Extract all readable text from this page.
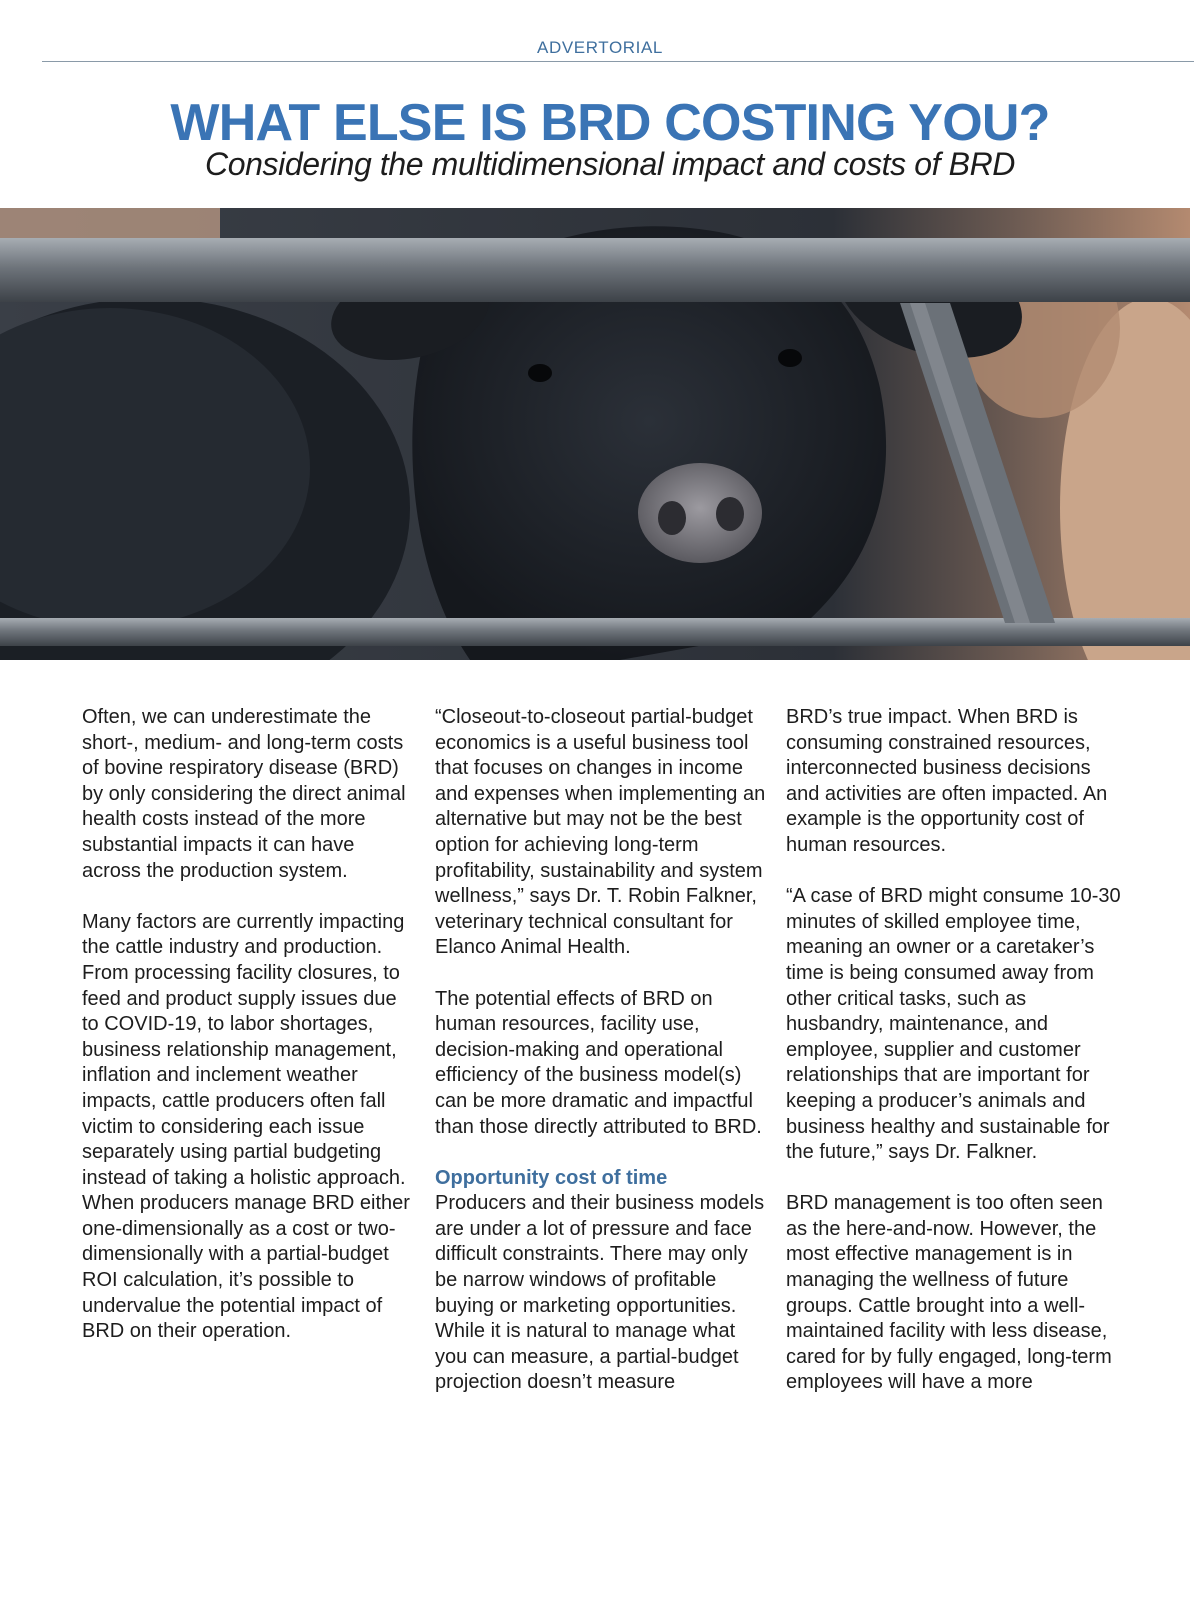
ADVERTORIAL
WHAT ELSE IS BRD COSTING YOU?
Considering the multidimensional impact and costs of BRD

Often, we can underestimate the short-, medium- and long-term costs of bovine respiratory disease (BRD) by only considering the direct animal health costs instead of the more substantial impacts it can have across the production system.

Many factors are currently impacting the cattle industry and production. From processing facility closures, to feed and product supply issues due to COVID-19, to labor shortages, business relationship management, inflation and inclement weather impacts, cattle producers often fall victim to considering each issue separately using partial budgeting instead of taking a holistic approach. When producers manage BRD either one-dimensionally as a cost or two-dimensionally with a partial-budget ROI calculation, it’s possible to undervalue the potential impact of BRD on their operation.

“Closeout-to-closeout partial-budget economics is a useful business tool that focuses on changes in income and expenses when implementing an alternative but may not be the best option for achieving long-term profitability, sustainability and system wellness,” says Dr. T. Robin Falkner, veterinary technical consultant for Elanco Animal Health.

The potential effects of BRD on human resources, facility use, decision-making and operational efficiency of the business model(s) can be more dramatic and impactful than those directly attributed to BRD.

Opportunity cost of time

Producers and their business models are under a lot of pressure and face difficult constraints. There may only be narrow windows of profitable buying or marketing opportunities. While it is natural to manage what you can measure, a partial-budget projection doesn’t measure

BRD’s true impact. When BRD is consuming constrained resources, interconnected business decisions and activities are often impacted. An example is the opportunity cost of human resources.

“A case of BRD might consume 10-30 minutes of skilled employee time, meaning an owner or a caretaker’s time is being consumed away from other critical tasks, such as husbandry, maintenance, and employee, supplier and customer relationships that are important for keeping a producer’s animals and business healthy and sustainable for the future,” says Dr. Falkner.

BRD management is too often seen as the here-and-now. However, the most effective management is in managing the wellness of future groups. Cattle brought into a well-maintained facility with less disease, cared for by fully engaged, long-term employees will have a more
